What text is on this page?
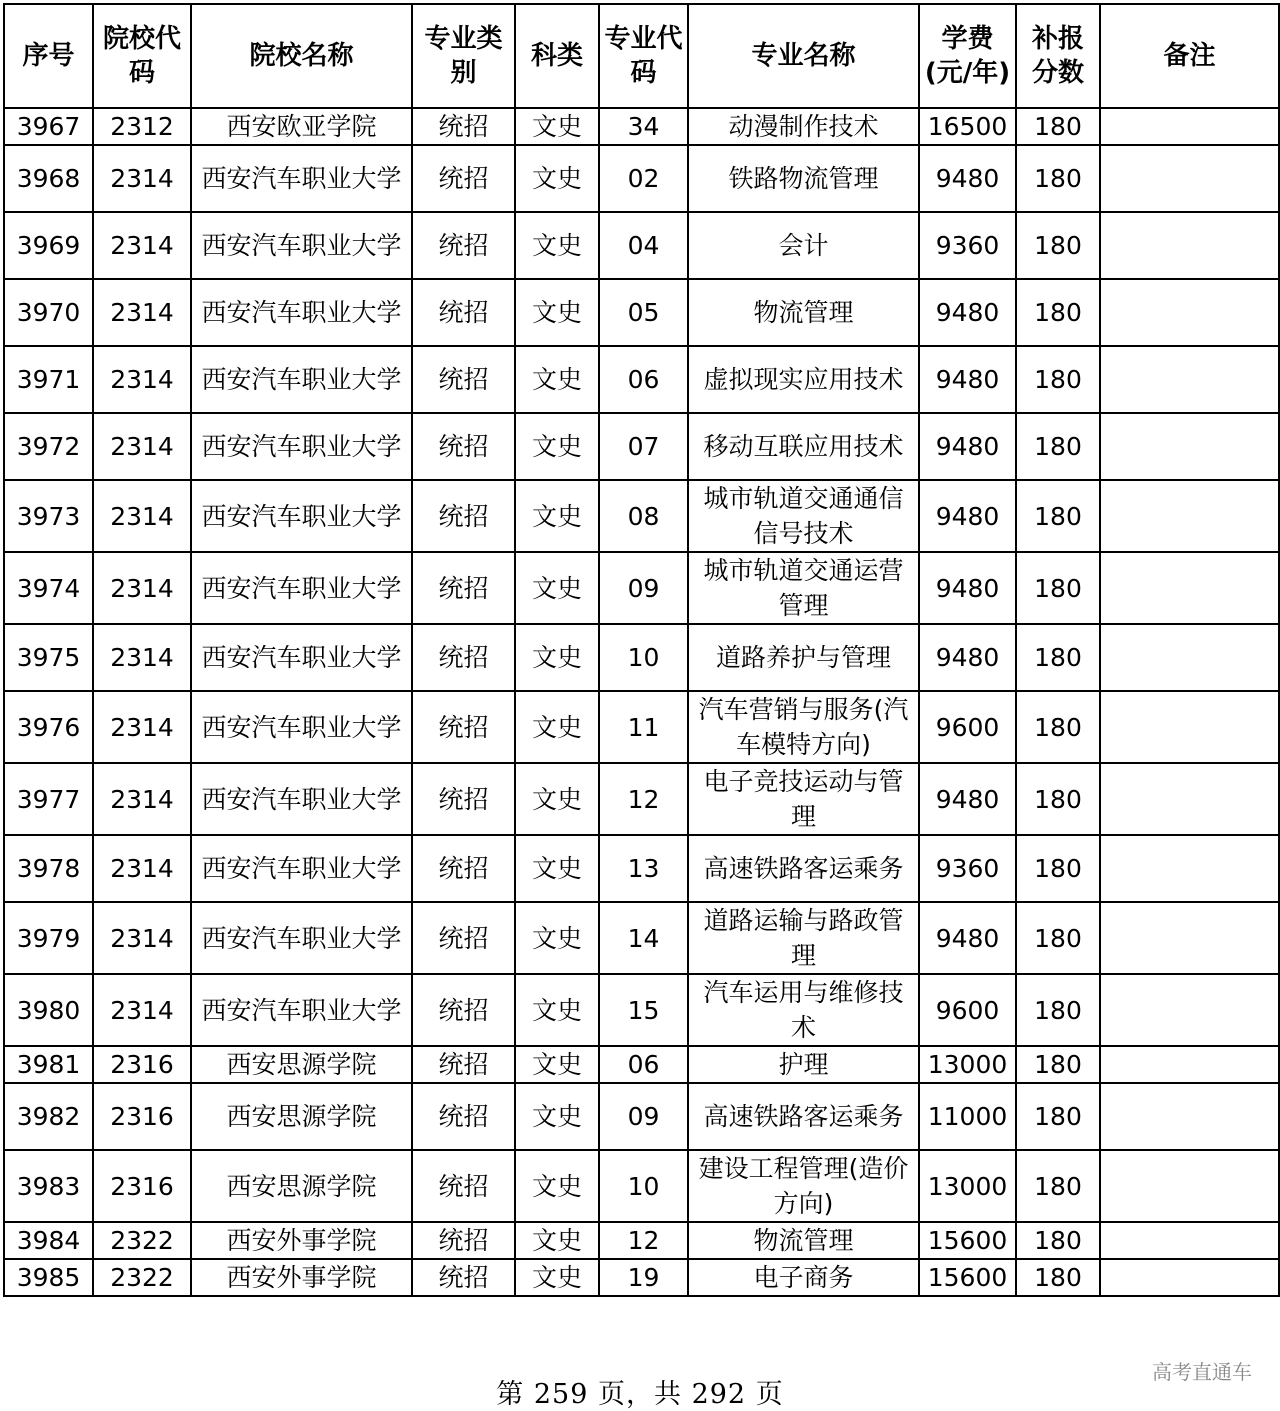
序号	院校代码	院校名称	专业类别	科类	专业代码	专业名称	学费(元/年)	补报分数	备注
3967	2312	西安欧亚学院	统招	文史	34	动漫制作技术	16500	180	
3968	2314	西安汽车职业大学	统招	文史	02	铁路物流管理	9480	180	
3969	2314	西安汽车职业大学	统招	文史	04	会计	9360	180	
3970	2314	西安汽车职业大学	统招	文史	05	物流管理	9480	180	
3971	2314	西安汽车职业大学	统招	文史	06	虚拟现实应用技术	9480	180	
3972	2314	西安汽车职业大学	统招	文史	07	移动互联应用技术	9480	180	
3973	2314	西安汽车职业大学	统招	文史	08	城市轨道交通通信信号技术	9480	180	
3974	2314	西安汽车职业大学	统招	文史	09	城市轨道交通运营管理	9480	180	
3975	2314	西安汽车职业大学	统招	文史	10	道路养护与管理	9480	180	
3976	2314	西安汽车职业大学	统招	文史	11	汽车营销与服务(汽车模特方向)	9600	180	
3977	2314	西安汽车职业大学	统招	文史	12	电子竞技运动与管理	9480	180	
3978	2314	西安汽车职业大学	统招	文史	13	高速铁路客运乘务	9360	180	
3979	2314	西安汽车职业大学	统招	文史	14	道路运输与路政管理	9480	180	
3980	2314	西安汽车职业大学	统招	文史	15	汽车运用与维修技术	9600	180	
3981	2316	西安思源学院	统招	文史	06	护理	13000	180	
3982	2316	西安思源学院	统招	文史	09	高速铁路客运乘务	11000	180	
3983	2316	西安思源学院	统招	文史	10	建设工程管理(造价方向)	13000	180	
3984	2322	西安外事学院	统招	文史	12	物流管理	15600	180	
3985	2322	西安外事学院	统招	文史	19	电子商务	15600	180	
第 259 页，共 292 页
高考直通车
